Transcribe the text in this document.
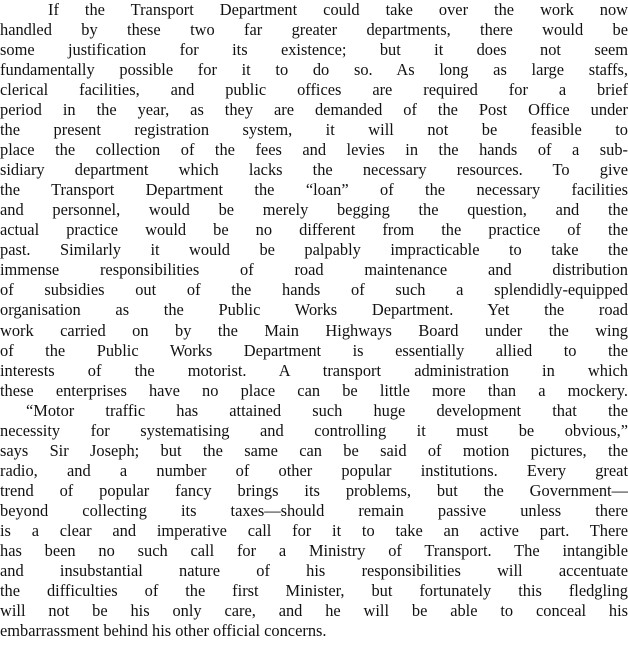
If the Transport Department could take over the work now
handled by these two far greater departments, there would be
some justification for its existence; but it does not seem
fundamentally possible for it to do so. As long as large staffs,
clerical facilities, and public offices are required for a brief
period in the year, as they are demanded of the Post Office under
the present registration system, it will not be feasible to
place the collection of the fees and levies in the hands of a sub-
sidiary department which lacks the necessary resources. To give
the Transport Department the “loan” of the necessary facilities
and personnel, would be merely begging the question, and the
actual practice would be no different from the practice of the
past. Similarly it would be palpably impracticable to take the
immense responsibilities of road maintenance and distribution
of subsidies out of the hands of such a splendidly-equipped
organisation as the Public Works Department. Yet the road
work carried on by the Main Highways Board under the wing
of the Public Works Department is essentially allied to the
interests of the motorist. A transport administration in which
these enterprises have no place can be little more than a mockery.
“Motor traffic has attained such huge development that the
necessity for systematising and controlling it must be obvious,”
says Sir Joseph; but the same can be said of motion pictures, the
radio, and a number of other popular institutions. Every great
trend of popular fancy brings its problems, but the Government—
beyond collecting its taxes—should remain passive unless there
is a clear and imperative call for it to take an active part. There
has been no such call for a Ministry of Transport. The intangible
and insubstantial nature of his responsibilities will accentuate
the difficulties of the first Minister, but fortunately this fledgling
will not be his only care, and he will be able to conceal his
embarrassment behind his other official concerns.
